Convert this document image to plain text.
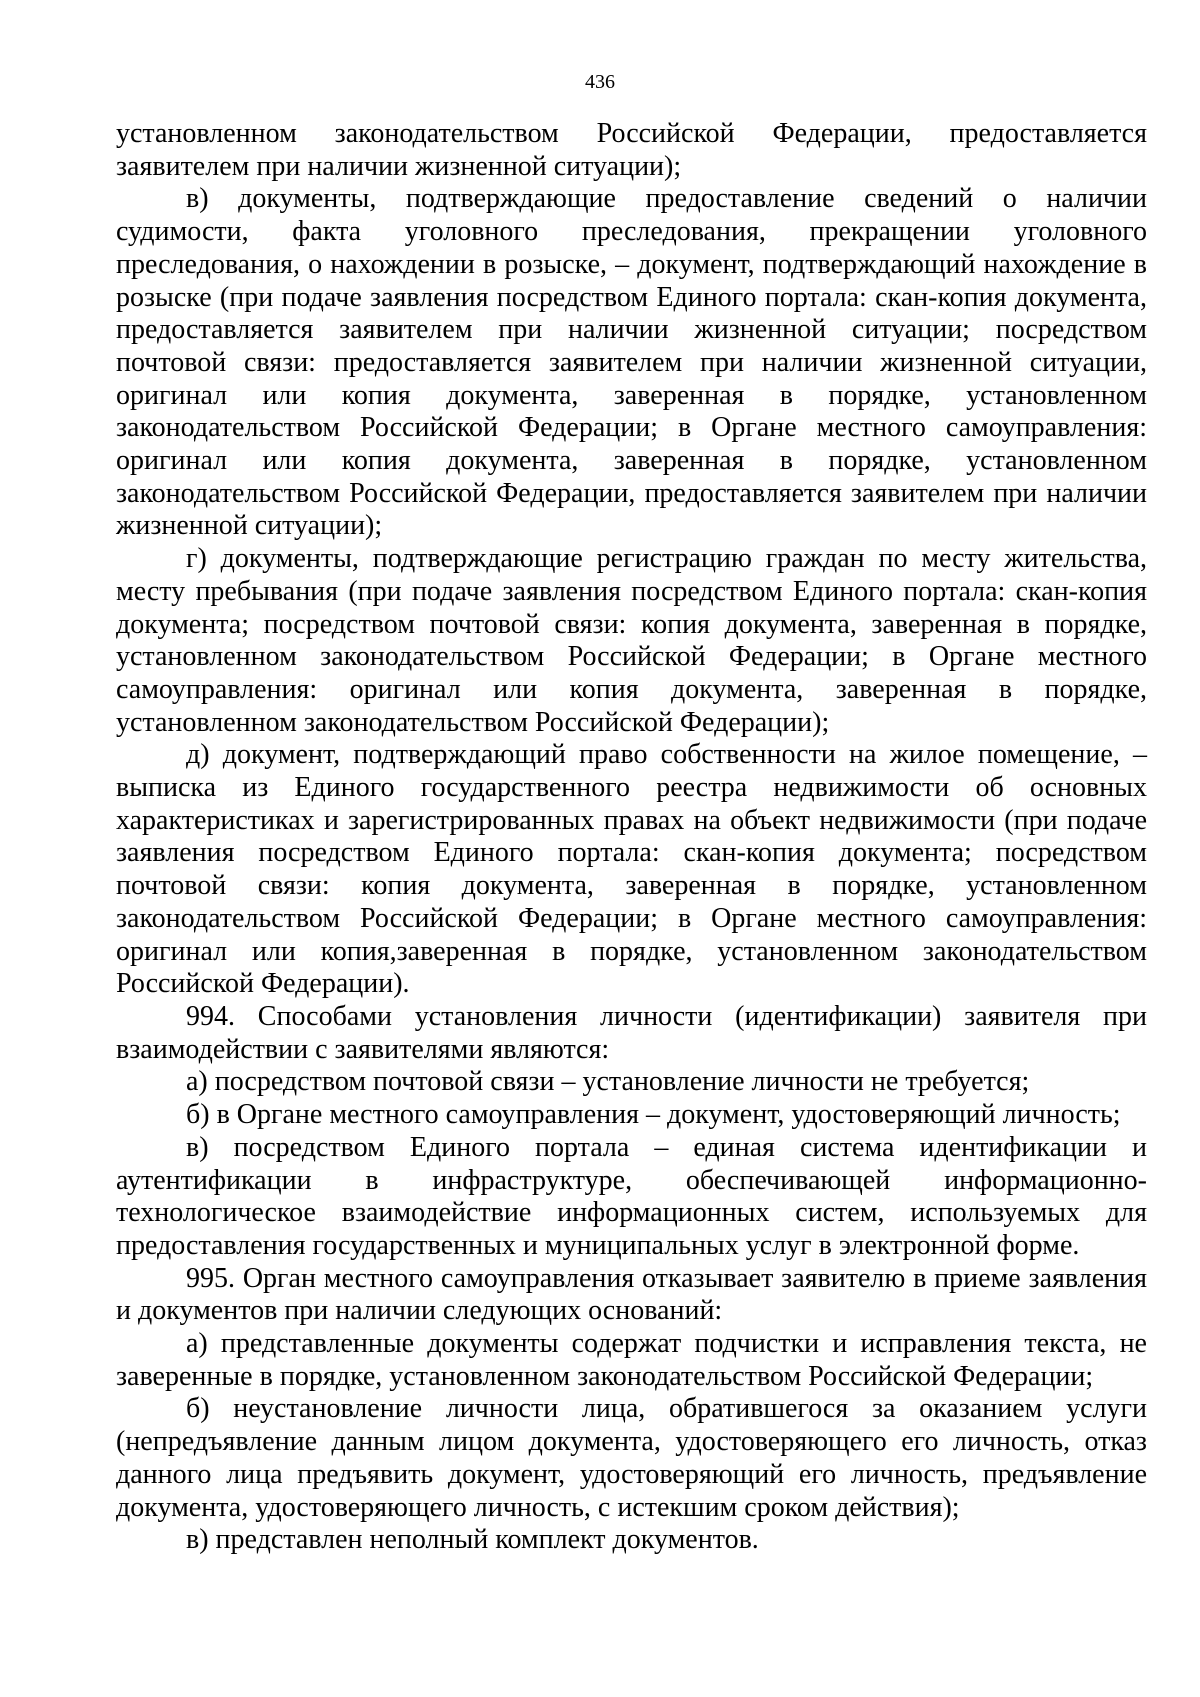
436

установленном законодательством Российской Федерации, предоставляется заявителем при наличии жизненной ситуации);

в) документы, подтверждающие предоставление сведений о наличии судимости, факта уголовного преследования, прекращении уголовного преследования, о нахождении в розыске, – документ, подтверждающий нахождение в розыске (при подаче заявления посредством Единого портала: скан-копия документа, предоставляется заявителем при наличии жизненной ситуации; посредством почтовой связи: предоставляется заявителем при наличии жизненной ситуации, оригинал или копия документа, заверенная в порядке, установленном законодательством Российской Федерации; в Органе местного самоуправления: оригинал или копия документа, заверенная в порядке, установленном законодательством Российской Федерации, предоставляется заявителем при наличии жизненной ситуации);

г) документы, подтверждающие регистрацию граждан по месту жительства, месту пребывания (при подаче заявления посредством Единого портала: скан-копия документа; посредством почтовой связи: копия документа, заверенная в порядке, установленном законодательством Российской Федерации; в Органе местного самоуправления: оригинал или копия документа, заверенная в порядке, установленном законодательством Российской Федерации);

д) документ, подтверждающий право собственности на жилое помещение, – выписка из Единого государственного реестра недвижимости об основных характеристиках и зарегистрированных правах на объект недвижимости (при подаче заявления посредством Единого портала: скан-копия документа; посредством почтовой связи: копия документа, заверенная в порядке, установленном законодательством Российской Федерации; в Органе местного самоуправления: оригинал или копия,заверенная в порядке, установленном законодательством Российской Федерации).

994. Способами установления личности (идентификации) заявителя при взаимодействии с заявителями являются:

а) посредством почтовой связи – установление личности не требуется;

б) в Органе местного самоуправления – документ, удостоверяющий личность;

в) посредством Единого портала – единая система идентификации и аутентификации в инфраструктуре, обеспечивающей информационно-технологическое взаимодействие информационных систем, используемых для предоставления государственных и муниципальных услуг в электронной форме.

995. Орган местного самоуправления отказывает заявителю в приеме заявления и документов при наличии следующих оснований:

а) представленные документы содержат подчистки и исправления текста, не заверенные в порядке, установленном законодательством Российской Федерации;

б) неустановление личности лица, обратившегося за оказанием услуги (непредъявление данным лицом документа, удостоверяющего его личность, отказ данного лица предъявить документ, удостоверяющий его личность, предъявление документа, удостоверяющего личность, с истекшим сроком действия);

в) представлен неполный комплект документов.
